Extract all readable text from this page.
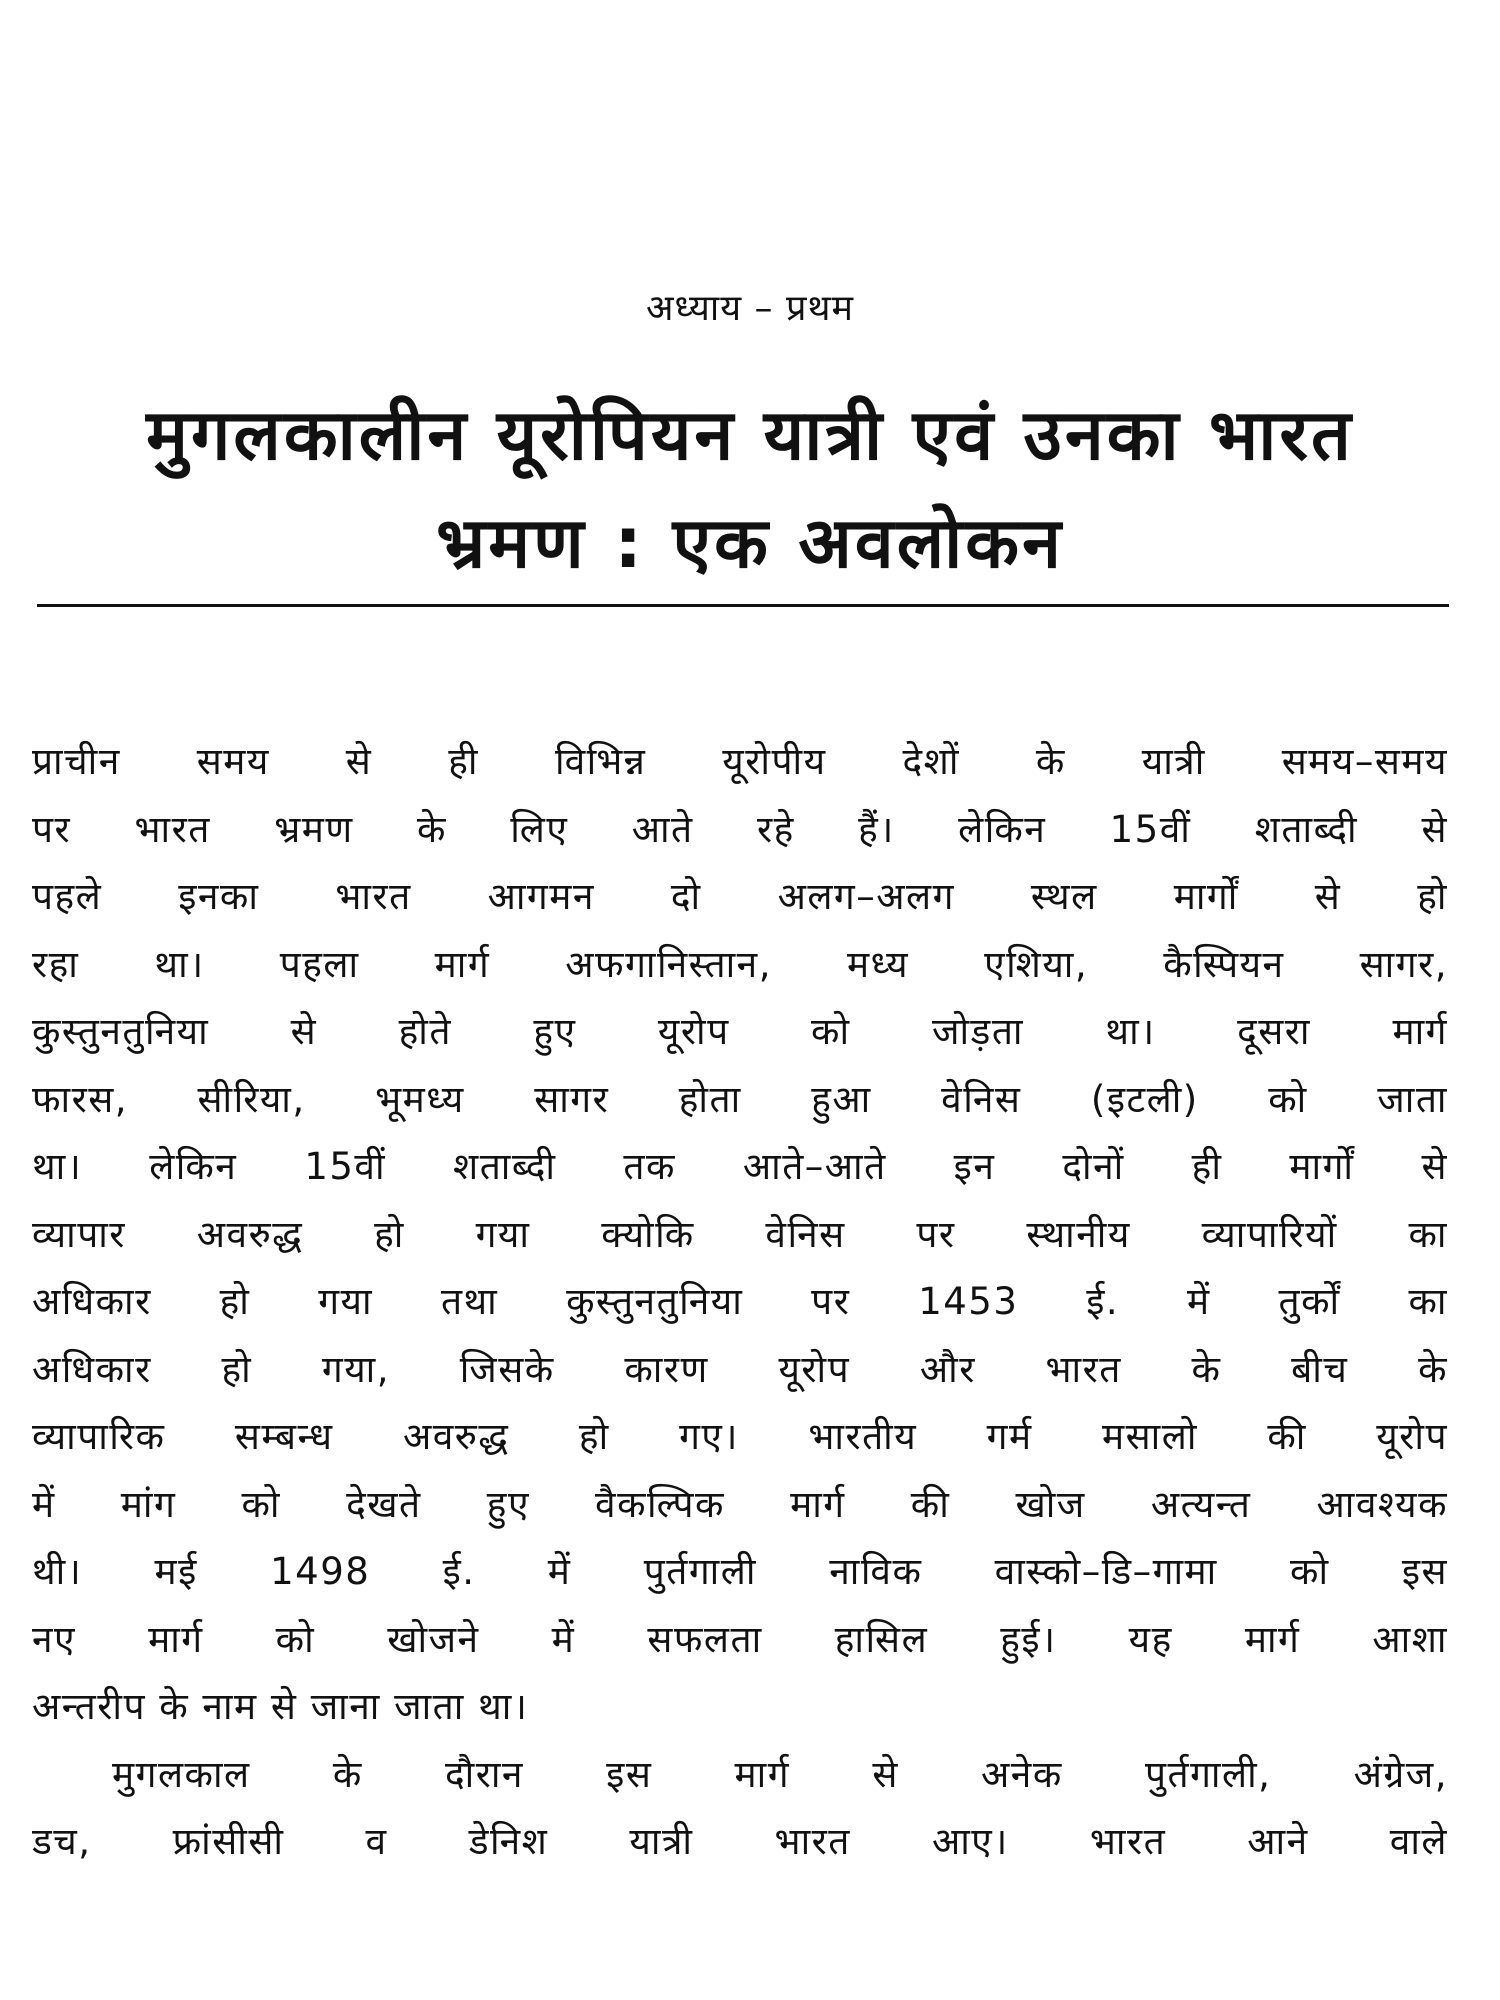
अध्याय – प्रथम
मुगलकालीन यूरोपियन यात्री एवं उनका भारत
भ्रमण : एक अवलोकन
प्राचीन समय से ही विभिन्न यूरोपीय देशों के यात्री समय–समय
पर भारत भ्रमण के लिए आते रहे हैं। लेकिन 15वीं शताब्दी से
पहले इनका भारत आगमन दो अलग–अलग स्थल मार्गों से हो
रहा था। पहला मार्ग अफगानिस्तान, मध्य एशिया, कैस्पियन सागर,
कुस्तुनतुनिया से होते हुए यूरोप को जोड़ता था। दूसरा मार्ग
फारस, सीरिया, भूमध्य सागर होता हुआ वेनिस (इटली) को जाता
था। लेकिन 15वीं शताब्दी तक आते–आते इन दोनों ही मार्गों से
व्यापार अवरुद्ध हो गया क्योकि वेनिस पर स्थानीय व्यापारियों का
अधिकार हो गया तथा कुस्तुनतुनिया पर 1453 ई. में तुर्कों का
अधिकार हो गया, जिसके कारण यूरोप और भारत के बीच के
व्यापारिक सम्बन्ध अवरुद्ध हो गए। भारतीय गर्म मसालो की यूरोप
में मांग को देखते हुए वैकल्पिक मार्ग की खोज अत्यन्त आवश्यक
थी। मई 1498 ई. में पुर्तगाली नाविक वास्को–डि–गामा को इस
नए मार्ग को खोजने में सफलता हासिल हुई। यह मार्ग आशा
अन्तरीप के नाम से जाना जाता था।
मुगलकाल के दौरान इस मार्ग से अनेक पुर्तगाली, अंग्रेज,
डच, फ्रांसीसी व डेनिश यात्री भारत आए। भारत आने वाले
